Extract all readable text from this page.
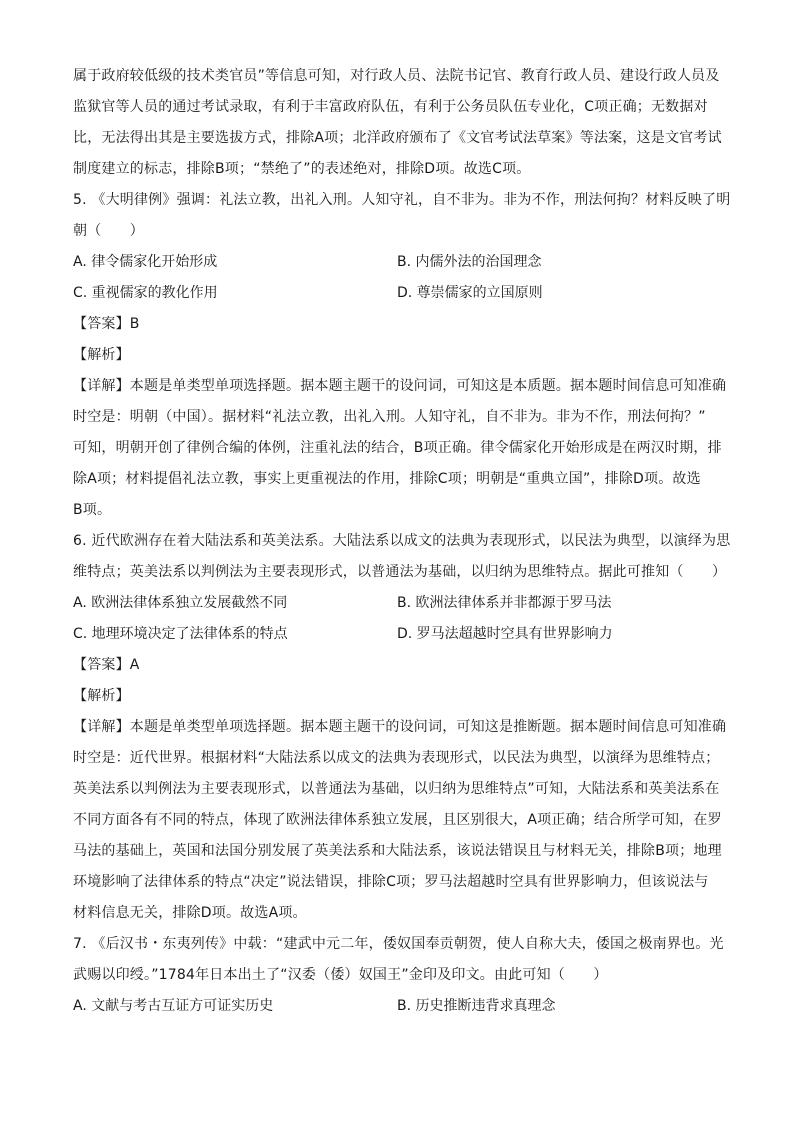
属于政府较低级的技术类官员”等信息可知，对行政人员、法院书记官、教育行政人员、建设行政人员及
监狱官等人员的通过考试录取，有利于丰富政府队伍，有利于公务员队伍专业化，C项正确；无数据对
比，无法得出其是主要选拔方式，排除A项；北洋政府颁布了《文官考试法草案》等法案，这是文官考试
制度建立的标志，排除B项；“禁绝了”的表述绝对，排除D项。故选C项。
5. 《大明律例》强调：礼法立教，出礼入刑。人知守礼，自不非为。非为不作，刑法何拘？材料反映了明
朝（　　）
A. 律令儒家化开始形成	B. 内儒外法的治国理念
C. 重视儒家的教化作用	D. 尊崇儒家的立国原则
【答案】B
【解析】
【详解】本题是单类型单项选择题。据本题主题干的设问词，可知这是本质题。据本题时间信息可知准确
时空是：明朝（中国）。据材料“礼法立教，出礼入刑。人知守礼，自不非为。非为不作，刑法何拘？”
可知，明朝开创了律例合编的体例，注重礼法的结合，B项正确。律令儒家化开始形成是在两汉时期，排
除A项；材料提倡礼法立教，事实上更重视法的作用，排除C项；明朝是“重典立国”，排除D项。故选
B项。
6. 近代欧洲存在着大陆法系和英美法系。大陆法系以成文的法典为表现形式，以民法为典型，以演绎为思
维特点；英美法系以判例法为主要表现形式，以普通法为基础，以归纳为思维特点。据此可推知（　　）
A. 欧洲法律体系独立发展截然不同	B. 欧洲法律体系并非都源于罗马法
C. 地理环境决定了法律体系的特点	D. 罗马法超越时空具有世界影响力
【答案】A
【解析】
【详解】本题是单类型单项选择题。据本题主题干的设问词，可知这是推断题。据本题时间信息可知准确
时空是：近代世界。根据材料“大陆法系以成文的法典为表现形式，以民法为典型，以演绎为思维特点；
英美法系以判例法为主要表现形式，以普通法为基础，以归纳为思维特点”可知，大陆法系和英美法系在
不同方面各有不同的特点，体现了欧洲法律体系独立发展，且区别很大，A项正确；结合所学可知，在罗
马法的基础上，英国和法国分别发展了英美法系和大陆法系，该说法错误且与材料无关，排除B项；地理
环境影响了法律体系的特点“决定”说法错误，排除C项；罗马法超越时空具有世界影响力，但该说法与
材料信息无关，排除D项。故选A项。
7. 《后汉书・东夷列传》中载：“建武中元二年，倭奴国奉贡朝贺，使人自称大夫，倭国之极南界也。光
武赐以印绶。”1784年日本出土了“汉委（倭）奴国王”金印及印文。由此可知（　　）
A. 文献与考古互证方可证实历史	B. 历史推断违背求真理念
